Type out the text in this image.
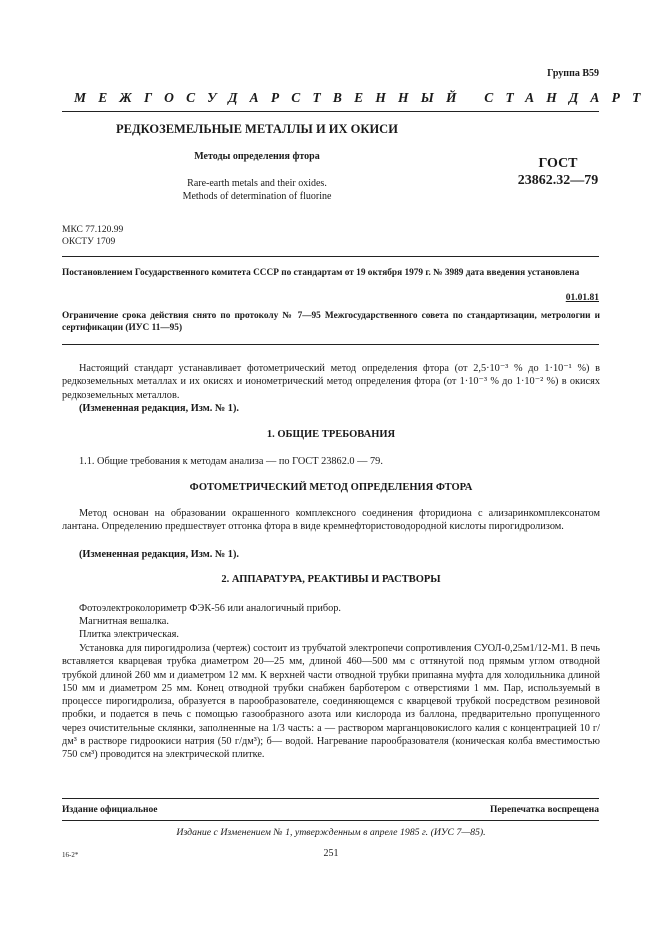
Группа В59
МЕЖГОСУДАРСТВЕННЫЙ СТАНДАРТ
РЕДКОЗЕМЕЛЬНЫЕ МЕТАЛЛЫ И ИХ ОКИСИ
Методы определения фтора
Rare-earth metals and their oxides.
Methods of determination of fluorine
ГОСТ
23862.32—79
МКС 77.120.99
ОКСТУ 1709
Постановлением Государственного комитета СССР по стандартам от 19 октября 1979 г. № 3989 дата введения установлена
01.01.81
Ограничение срока действия снято по протоколу № 7—95 Межгосударственного совета по стандартизации, метрологии и сертификации (ИУС 11—95)
Настоящий стандарт устанавливает фотометрический метод определения фтора (от 2,5·10⁻³ % до 1·10⁻¹ %) в редкоземельных металлах и их окисях и ионометрический метод определения фтора (от 1·10⁻³ % до 1·10⁻² %) в окисях редкоземельных металлов.
(Измененная редакция, Изм. № 1).
1. ОБЩИЕ ТРЕБОВАНИЯ
1.1. Общие требования к методам анализа — по ГОСТ 23862.0 — 79.
ФОТОМЕТРИЧЕСКИЙ МЕТОД ОПРЕДЕЛЕНИЯ ФТОРА
Метод основан на образовании окрашенного комплексного соединения фторидиона с ализаринкомплексонатом лантана. Определению предшествует отгонка фтора в виде кремнефтористоводородной кислоты пирогидролизом.
(Измененная редакция, Изм. № 1).
2. АППАРАТУРА, РЕАКТИВЫ И РАСТВОРЫ
Фотоэлектроколориметр ФЭК-56 или аналогичный прибор.
Магнитная вешалка.
Плитка электрическая.
Установка для пирогидролиза (чертеж) состоит из трубчатой электропечи сопротивления СУОЛ-0,25м1/12-М1. В печь вставляется кварцевая трубка диаметром 20—25 мм, длиной 460—500 мм с оттянутой под прямым углом отводной трубкой длиной 260 мм и диаметром 12 мм. К верхней части отводной трубки припаяна муфта для холодильника длиной 150 мм и диаметром 25 мм. Конец отводной трубки снабжен барботером с отверстиями 1 мм. Пар, используемый в процессе пирогидролиза, образуется в парообразователе, соединяющемся с кварцевой трубкой посредством резиновой пробки, и подается в печь с помощью газообразного азота или кислорода из баллона, предварительно пропущенного через очистительные склянки, заполненные на 1/3 часть: а — раствором марганцовокислого калия с концентрацией 10 г/дм³ в растворе гидроокиси натрия (50 г/дм³); б— водой. Нагревание парообразователя (коническая колба вместимостью 750 см³) проводится на электрической плитке.
Издание официальное	Перепечатка воспрещена
Издание с Изменением № 1, утвержденным в апреле 1985 г. (ИУС 7—85).
16-2*	251
